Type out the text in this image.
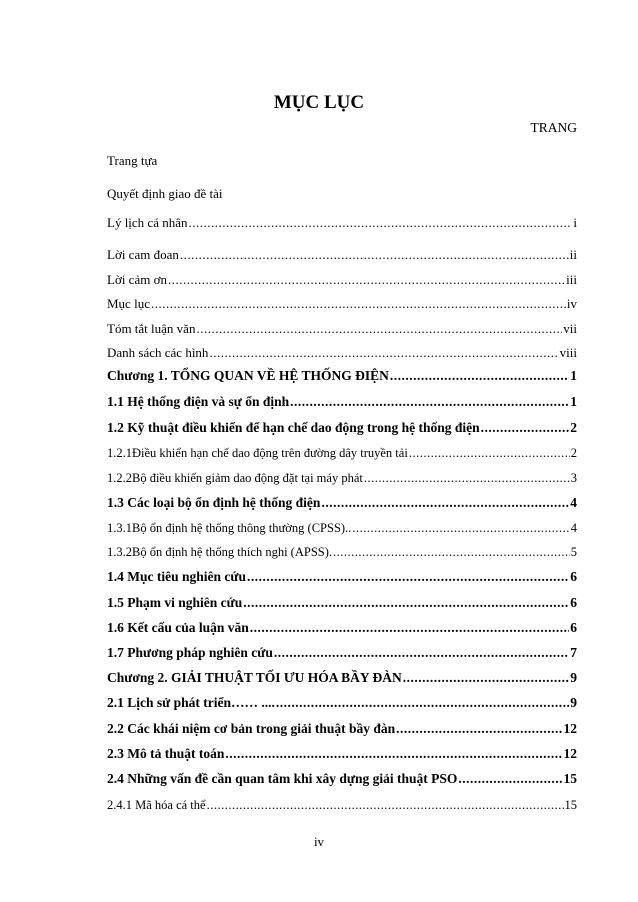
MỤC LỤC
TRANG
Trang tựa
Quyết định giao đề tài
Lý lịch cá nhân .....	i
Lời cam đoan .....	ii
Lời cảm ơn .....	iii
Mục lục .....	iv
Tóm tắt luận văn .....	vii
Danh sách các hình .....	viii
Chương 1. TỔNG QUAN VỀ HỆ THỐNG ĐIỆN .....	1
1.1 Hệ thống điện và sự ổn định .....	1
1.2 Kỹ thuật điều khiển để hạn chế dao động trong hệ thống điện .....	2
1.2.1Điều khiển hạn chế dao động trên đường dây truyền tải .....	2
1.2.2Bộ điều khiển giảm dao động đặt tại máy phát .....	3
1.3 Các loại bộ ổn định hệ thống điện .....	4
1.3.1Bộ ổn định hệ thống thông thường (CPSS).. .....	4
1.3.2Bộ ổn định hệ thống thích nghi (APSS). .....	5
1.4 Mục tiêu nghiên cứu .....	6
1.5 Phạm vi nghiên cứu .....	6
1.6 Kết cấu của luận văn .....	6
1.7 Phương pháp nghiên cứu .....	7
Chương 2. GIẢI THUẬT TỐI ƯU HÓA BẦY ĐÀN .....	9
2.1 Lịch sử phát triển…… .... .....	9
2.2 Các khái niệm cơ bản trong giải thuật bầy đàn .....	12
2.3 Mô tả thuật toán .....	12
2.4 Những vấn đề cần quan tâm khi xây dựng giải thuật PSO .....	15
2.4.1 Mã hóa cá thể .....	15
iv
